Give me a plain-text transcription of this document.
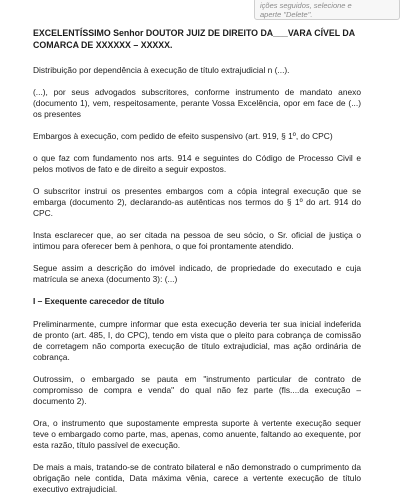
ições seguidos, selecione e
aperte "Delete".
EXCELENTÍSSIMO Senhor DOUTOR JUIZ DE DIREITO DA___VARA CÍVEL DA COMARCA DE XXXXXX – XXXXX.

Distribuição por dependência à execução de título extrajudicial n (...).

(...), por seus advogados subscritores, conforme instrumento de mandato anexo (documento 1), vem, respeitosamente, perante Vossa Excelência, opor em face de (...) os presentes

Embargos à execução, com pedido de efeito suspensivo (art. 919, § 1º, do CPC)

o que faz com fundamento nos arts. 914 e seguintes do Código de Processo Civil e pelos motivos de fato e de direito a seguir expostos.

O subscritor instrui os presentes embargos com a cópia integral execução que se embarga (documento 2), declarando-as autênticas nos termos do § 1º do art. 914 do CPC.

Insta esclarecer que, ao ser citada na pessoa de seu sócio, o Sr. oficial de justiça o intimou para oferecer bem à penhora, o que foi prontamente atendido.

Segue assim a descrição do imóvel indicado, de propriedade do executado e cuja matrícula se anexa (documento 3): (...)

I – Exequente carecedor de título

Preliminarmente, cumpre informar que esta execução deveria ter sua inicial indeferida de pronto (art. 485, I, do CPC), tendo em vista que o pleito para cobrança de comissão de corretagem não comporta execução de título extrajudicial, mas ação ordinária de cobrança.

Outrossim, o embargado se pauta em "instrumento particular de contrato de compromisso de compra e venda" do qual não fez parte (fls....da execução – documento 2).

Ora, o instrumento que supostamente empresta suporte à vertente execução sequer teve o embargado como parte, mas, apenas, como anuente, faltando ao exequente, por esta razão, título passível de execução.

De mais a mais, tratando-se de contrato bilateral e não demonstrado o cumprimento da obrigação nele contida, Data máxima vênia, carece a vertente execução de título executivo extrajudicial.
